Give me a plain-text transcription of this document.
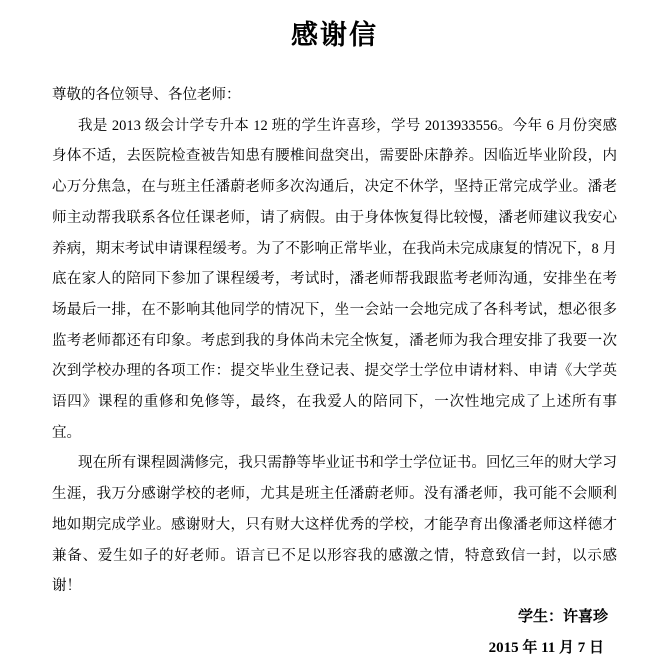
感谢信

尊敬的各位领导、各位老师：

我是 2013 级会计学专升本 12 班的学生许喜珍，学号 2013933556。今年 6 月份突感身体不适，去医院检查被告知患有腰椎间盘突出，需要卧床静养。因临近毕业阶段，内心万分焦急，在与班主任潘蔚老师多次沟通后，决定不休学，坚持正常完成学业。潘老师主动帮我联系各位任课老师，请了病假。由于身体恢复得比较慢，潘老师建议我安心养病，期末考试申请课程缓考。为了不影响正常毕业，在我尚未完成康复的情况下，8 月底在家人的陪同下参加了课程缓考，考试时，潘老师帮我跟监考老师沟通，安排坐在考场最后一排，在不影响其他同学的情况下，坐一会站一会地完成了各科考试，想必很多监考老师都还有印象。考虑到我的身体尚未完全恢复，潘老师为我合理安排了我要一次次到学校办理的各项工作：提交毕业生登记表、提交学士学位申请材料、申请《大学英语四》课程的重修和免修等，最终，在我爱人的陪同下，一次性地完成了上述所有事宜。

现在所有课程圆满修完，我只需静等毕业证书和学士学位证书。回忆三年的财大学习生涯，我万分感谢学校的老师，尤其是班主任潘蔚老师。没有潘老师，我可能不会顺利地如期完成学业。感谢财大，只有财大这样优秀的学校，才能孕育出像潘老师这样德才兼备、爱生如子的好老师。语言已不足以形容我的感激之情，特意致信一封，以示感谢！

学生：许喜珍

2015 年 11 月 7 日
